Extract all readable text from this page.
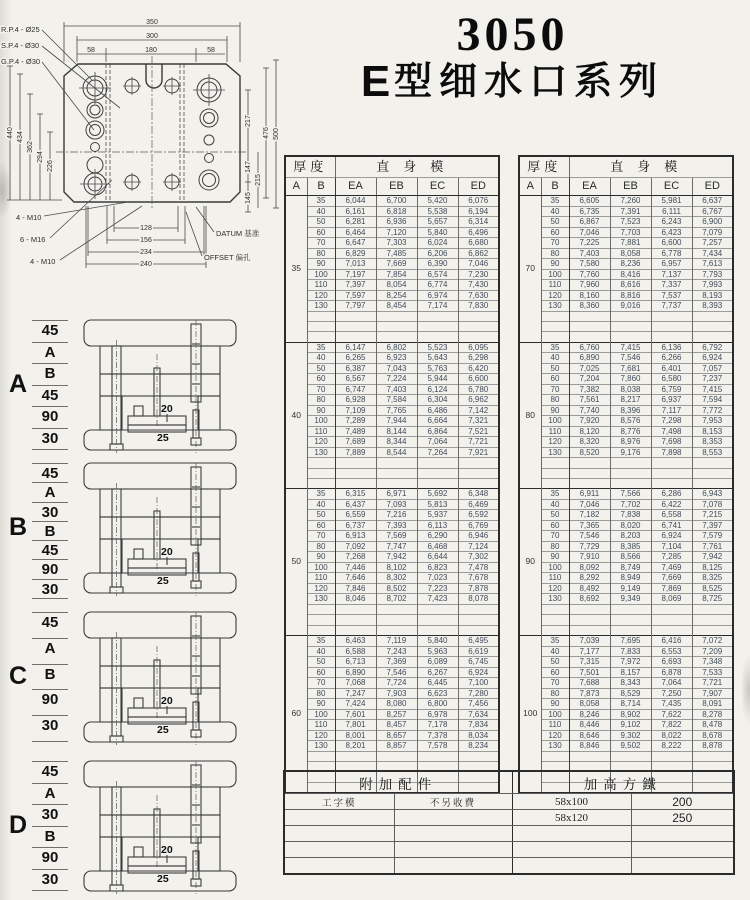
350
300
58	180	58
440 434
362
294
226
217
147
145
215
476 500
128
156
234
240
R.P.4 - Ø25
S.P.4 - Ø30
G.P.4 - Ø30
4 - M10
6 - M16
4 - M10
DATUM 基准
OFFSET 偏孔
3050
E型细水口系列
A
45
A
B
45
90
30
20
25
B
45
A
30
B
45
90
30
20
25
C
45
A
B
90
30
20
25
D
45
A
30
B
90
30
20
25
厚度		直身模			
A	B	EA	EB	EC	ED
35	35	6,044	6,700	5,420	6,076
	40	6,161	6,818	5,538	6,194
	50	6,281	6,936	5,657	6,314
	60	6,464	7,120	5,840	6,496
	70	6,647	7,303	6,024	6,680
	80	6,829	7,485	6,206	6,862
	90	7,013	7,669	6,390	7,046
	100	7,197	7,854	6,574	7,230
	110	7,397	8,054	6,774	7,430
	120	7,597	8,254	6,974	7,630
	130	7,797	8,454	7,174	7,830

40	35	6,147	6,802	5,523	6,095
	40	6,265	6,923	5,643	6,298
	50	6,387	7,043	5,763	6,420
	60	6,567	7,224	5,944	6,600
	70	6,747	7,403	6,124	6,780
	80	6,928	7,584	6,304	6,962
	90	7,109	7,765	6,486	7,142
	100	7,289	7,944	6,664	7,321
	110	7,489	8,144	6,864	7,521
	120	7,689	8,344	7,064	7,721
	130	7,889	8,544	7,264	7,921

50	35	6,315	6,971	5,692	6,348
	40	6,437	7,093	5,813	6,469
	50	6,559	7,216	5,937	6,592
	60	6,737	7,393	6,113	6,769
	70	6,913	7,569	6,290	6,946
	80	7,092	7,747	6,468	7,124
	90	7,268	7,942	6,644	7,302
	100	7,446	8,102	6,823	7,478
	110	7,646	8,302	7,023	7,678
	120	7,846	8,502	7,223	7,878
	130	8,046	8,702	7,423	8,078

60	35	6,463	7,119	5,840	6,495
	40	6,588	7,243	5,963	6,619
	50	6,713	7,369	6,089	6,745
	60	6,890	7,546	6,267	6,924
	70	7,068	7,724	6,445	7,100
	80	7,247	7,903	6,623	7,280
	90	7,424	8,080	6,800	7,456
	100	7,601	8,257	6,978	7,634
	110	7,801	8,457	7,178	7,834
	120	8,001	8,657	7,378	8,034
	130	8,201	8,857	7,578	8,234

厚度		直身模			
A	B	EA	EB	EC	ED
70	35	6,605	7,260	5,981	6,637
	40	6,735	7,391	6,111	6,767
	50	6,867	7,523	6,243	6,900
	60	7,046	7,703	6,423	7,079
	70	7,225	7,881	6,600	7,257
	80	7,403	8,058	6,778	7,434
	90	7,580	8,236	6,957	7,613
	100	7,760	8,416	7,137	7,793
	110	7,960	8,616	7,337	7,993
	120	8,160	8,816	7,537	8,193
	130	8,360	9,016	7,737	8,393

80	35	6,760	7,415	6,136	6,792
	40	6,890	7,546	6,266	6,924
	50	7,025	7,681	6,401	7,057
	60	7,204	7,860	6,580	7,237
	70	7,382	8,038	6,759	7,415
	80	7,561	8,217	6,937	7,594
	90	7,740	8,396	7,117	7,772
	100	7,920	8,576	7,298	7,953
	110	8,120	8,776	7,498	8,153
	120	8,320	8,976	7,698	8,353
	130	8,520	9,176	7,898	8,553

90	35	6,911	7,566	6,286	6,943
	40	7,046	7,702	6,422	7,078
	50	7,182	7,838	6,558	7,215
	60	7,365	8,020	6,741	7,397
	70	7,546	8,203	6,924	7,579
	80	7,729	8,385	7,104	7,761
	90	7,910	8,566	7,285	7,942
	100	8,092	8,749	7,469	8,125
	110	8,292	8,949	7,669	8,325
	120	8,492	9,149	7,869	8,525
	130	8,692	9,349	8,069	8,725

100	35	7,039	7,695	6,416	7,072
	40	7,177	7,833	6,553	7,209
	50	7,315	7,972	6,693	7,348
	60	7,501	8,157	6,878	7,533
	70	7,688	8,343	7,064	7,721
	80	7,873	8,529	7,250	7,907
	90	8,058	8,714	7,435	8,091
	100	8,246	8,902	7,622	8,278
	110	8,446	9,102	7,822	8,478
	120	8,646	9,302	8,022	8,678
	130	8,846	9,502	8,222	8,878

附加配件		加高方鐵	
工字模	不另收費	58x100	200
		58x120	250
